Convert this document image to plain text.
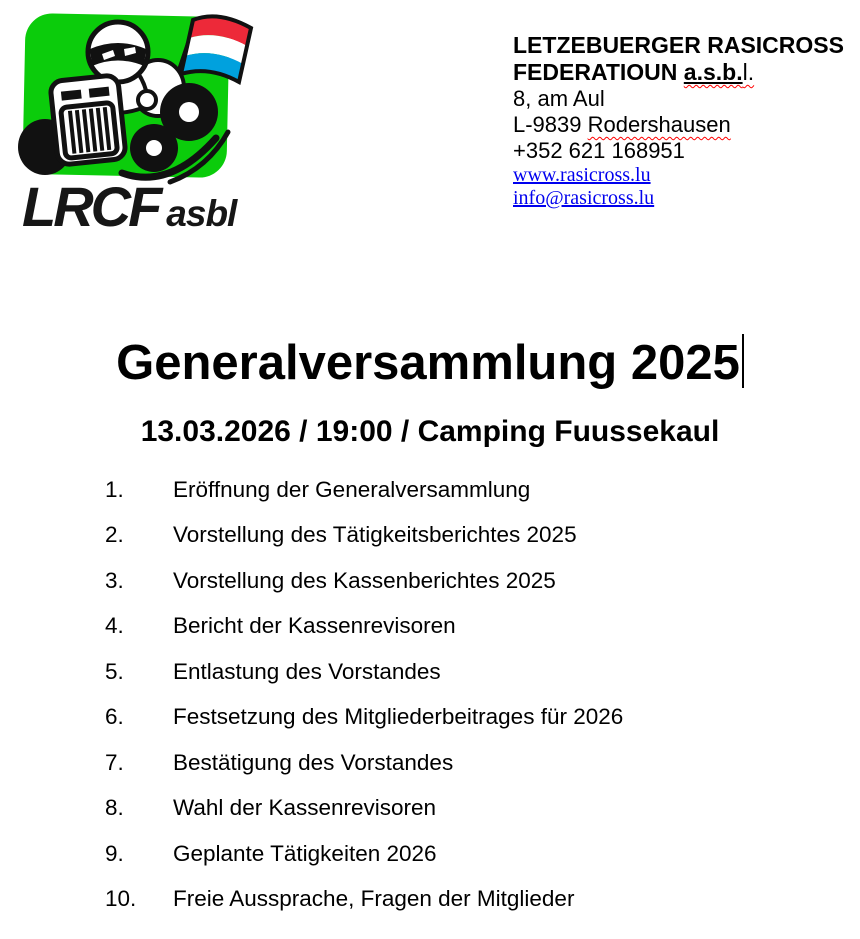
LRCF asbl
LETZEBUERGER RASICROSS
FEDERATIOUN a.s.b.l.
8, am Aul
L-9839 Rodershausen
+352 621 168951
www.rasicross.lu
info@rasicross.lu
Generalversammlung 2025
13.03.2026 / 19:00 / Camping Fuussekaul
1.	Eröffnung der Generalversammlung
2.	Vorstellung des Tätigkeitsberichtes 2025
3.	Vorstellung des Kassenberichtes 2025
4.	Bericht der Kassenrevisoren
5.	Entlastung des Vorstandes
6.	Festsetzung des Mitgliederbeitrages für 2026
7.	Bestätigung des Vorstandes
8.	Wahl der Kassenrevisoren
9.	Geplante Tätigkeiten 2026
10.	Freie Aussprache, Fragen der Mitglieder
